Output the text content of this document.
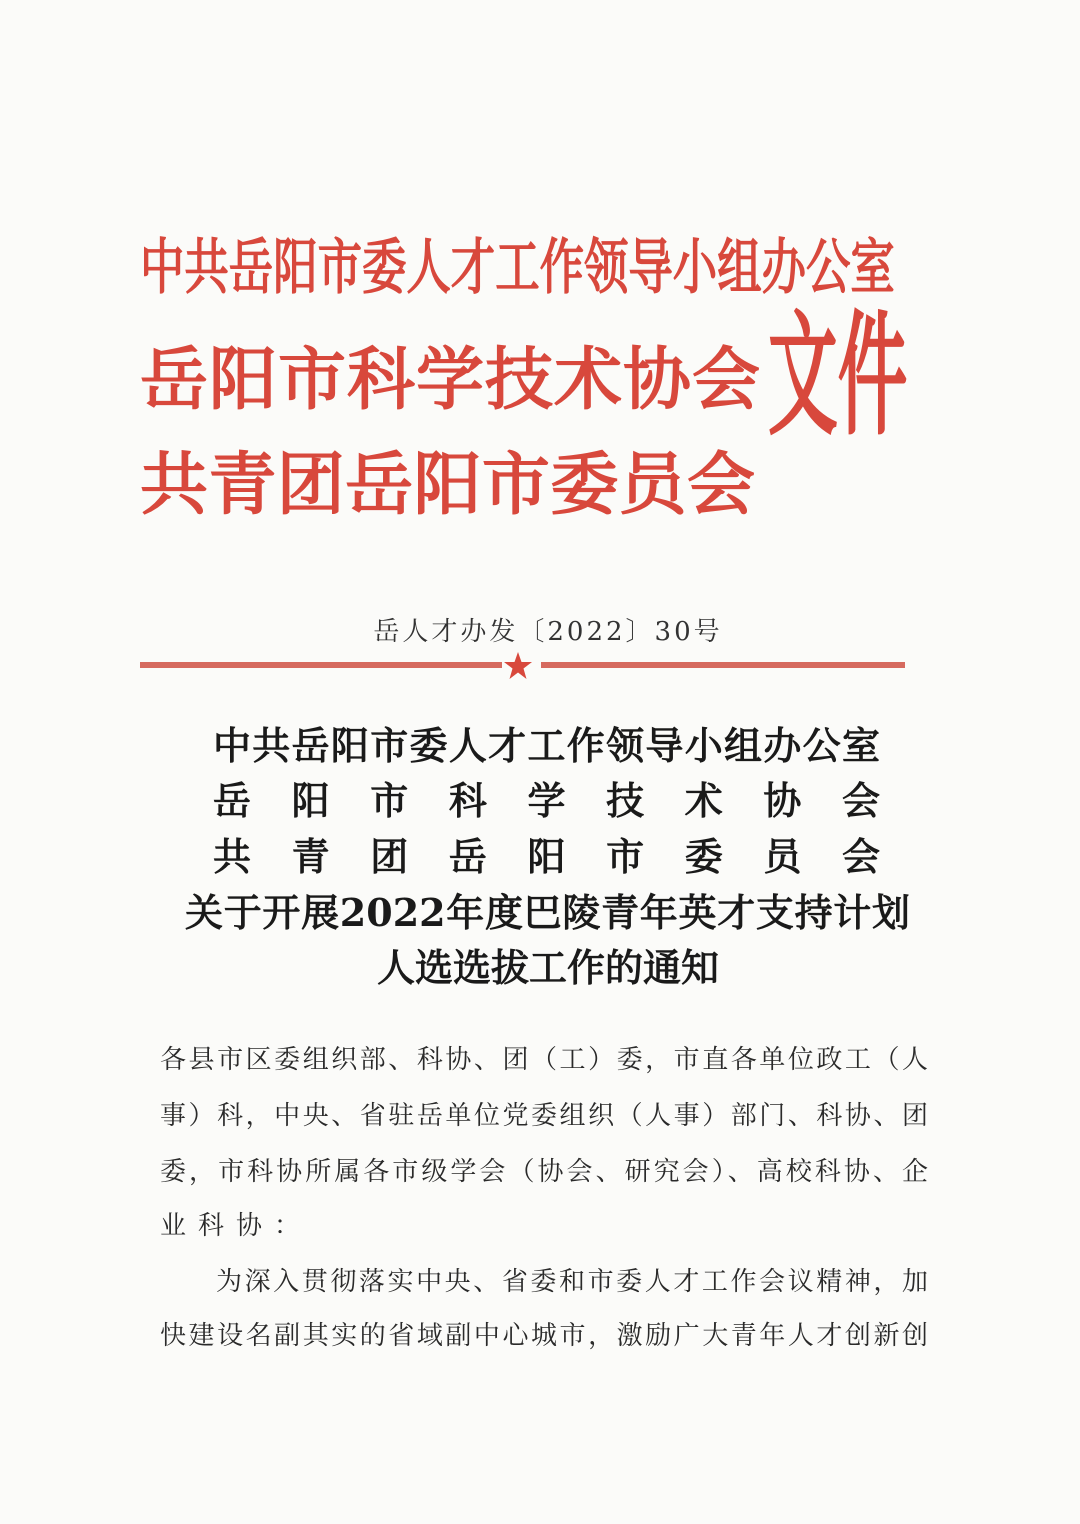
中共岳阳市委人才工作领导小组办公室
岳阳市科学技术协会
共青团岳阳市委员会
文件
岳人才办发〔2022〕30号
中共岳阳市委人才工作领导小组办公室
岳阳市科学技术协会
共青团岳阳市委员会
关于开展2022年度巴陵青年英才支持计划
人选选拔工作的通知
各县市区委组织部、科协、团（工）委，市直各单位政工（人
事）科，中央、省驻岳单位党委组织（人事）部门、科协、团
委，市科协所属各市级学会（协会、研究会）、高校科协、企
业科协：
为深入贯彻落实中央、省委和市委人才工作会议精神，加
快建设名副其实的省域副中心城市，激励广大青年人才创新创
